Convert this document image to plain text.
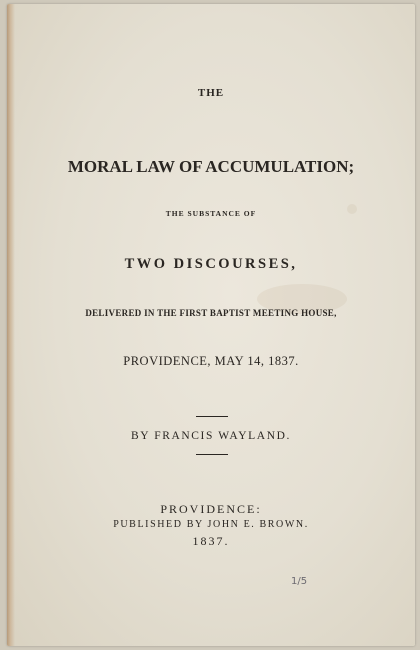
THE
MORAL LAW OF ACCUMULATION;
THE SUBSTANCE OF
TWO DISCOURSES,
DELIVERED IN THE FIRST BAPTIST MEETING HOUSE,
PROVIDENCE, MAY 14, 1837.
BY FRANCIS WAYLAND.
PROVIDENCE:
PUBLISHED BY JOHN E. BROWN.
1837.
1/5
